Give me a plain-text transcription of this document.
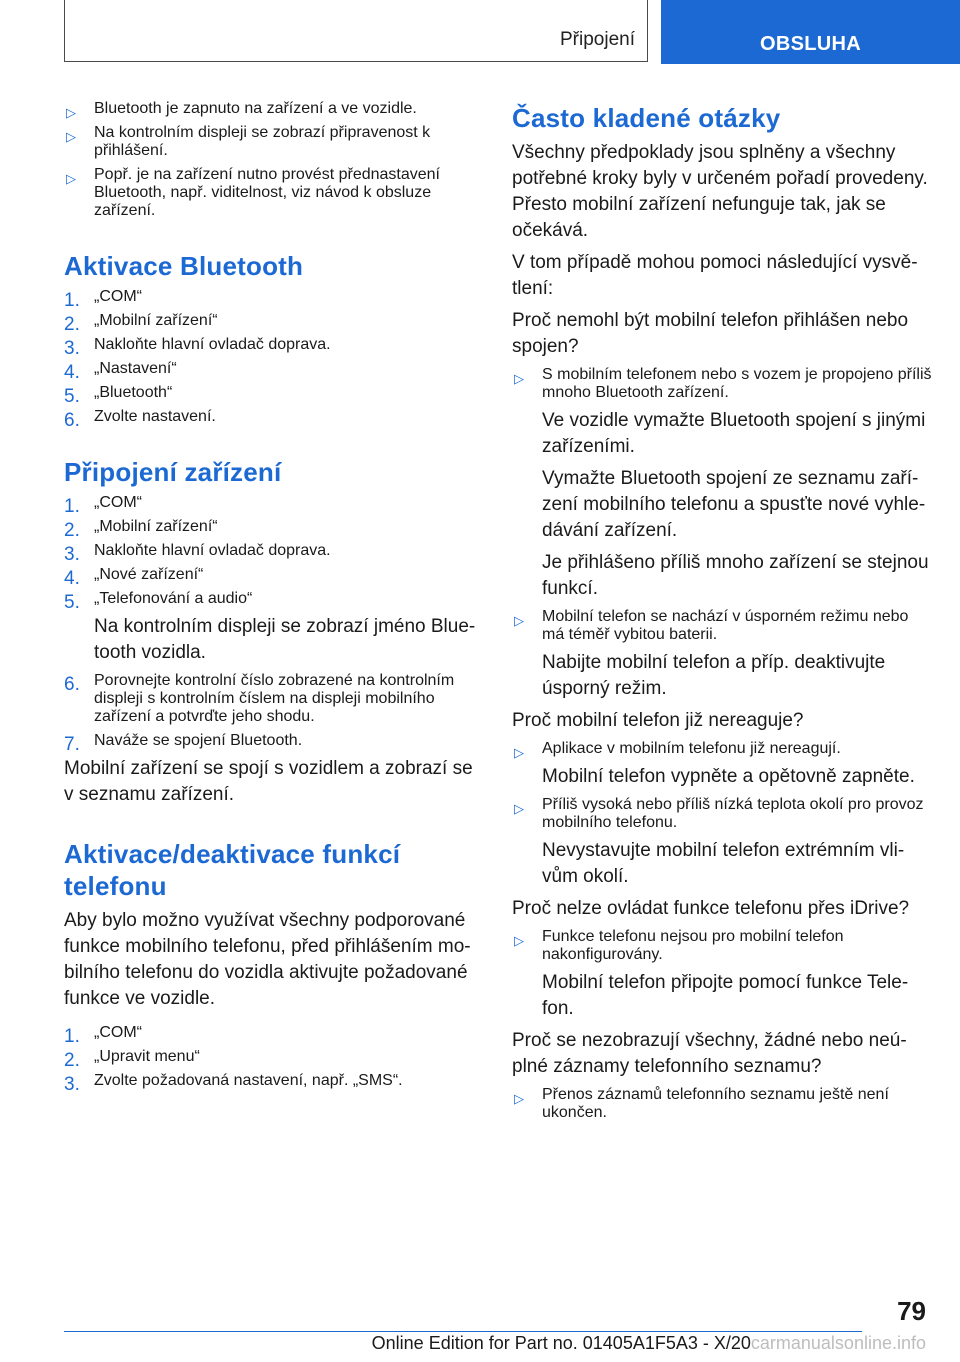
Připojení	OBSLUHA
▷ Bluetooth je zapnuto na zařízení a ve vozidle.
▷ Na kontrolním displeji se zobrazí připravenost k přihlášení.
▷ Popř. je na zařízení nutno provést přednastavení Bluetooth, např. viditelnost, viz návod k obsluze zařízení.
Aktivace Bluetooth
1. „COM“
2. „Mobilní zařízení“
3. Nakloňte hlavní ovladač doprava.
4. „Nastavení“
5. „Bluetooth“
6. Zvolte nastavení.
Připojení zařízení
1. „COM“
2. „Mobilní zařízení“
3. Nakloňte hlavní ovladač doprava.
4. „Nové zařízení“
5. „Telefonování a audio“

Na kontrolním displeji se zobrazí jméno Bluetooth vozidla.

6. Porovnejte kontrolní číslo zobrazené na kontrolním displeji s kontrolním číslem na displeji mobilního zařízení a potvrďte jeho shodu.
7. Naváže se spojení Bluetooth.

Mobilní zařízení se spojí s vozidlem a zobrazí se v seznamu zařízení.

Aktivace/deaktivace funkcí telefonu

Aby bylo možno využívat všechny podporované funkce mobilního telefonu, před přihlášením mobilního telefonu do vozidla aktivujte požadované funkce ve vozidle.

1. „COM“
2. „Upravit menu“
3. Zvolte požadovaná nastavení, např. „SMS“.
Často kladené otázky

Všechny předpoklady jsou splněny a všechny potřebné kroky byly v určeném pořadí provedeny. Přesto mobilní zařízení nefunguje tak, jak se očekává.

V tom případě mohou pomoci následující vysvětlení:

Proč nemohl být mobilní telefon přihlášen nebo spojen?

▷ S mobilním telefonem nebo s vozem je propojeno příliš mnoho Bluetooth zařízení.

Ve vozidle vymažte Bluetooth spojení s jinými zařízeními.

Vymažte Bluetooth spojení ze seznamu zařízení mobilního telefonu a spusťte nové vyhledávání zařízení.

Je přihlášeno příliš mnoho zařízení se stejnou funkcí.

▷ Mobilní telefon se nachází v úsporném režimu nebo má téměř vybitou baterii.

Nabijte mobilní telefon a příp. deaktivujte úsporný režim.

Proč mobilní telefon již nereaguje?

▷ Aplikace v mobilním telefonu již nereagují.

Mobilní telefon vypněte a opětovně zapněte.

▷ Příliš vysoká nebo příliš nízká teplota okolí pro provoz mobilního telefonu.

Nevystavujte mobilní telefon extrémním vlivům okolí.

Proč nelze ovládat funkce telefonu přes iDrive?

▷ Funkce telefonu nejsou pro mobilní telefon nakonfigurovány.

Mobilní telefon připojte pomocí funkce Telefon.

Proč se nezobrazují všechny, žádné nebo neúplné záznamy telefonního seznamu?

▷ Přenos záznamů telefonního seznamu ještě není ukončen.
79
Online Edition for Part no. 01405A1F5A3 - X/20carmanualsonline.info
